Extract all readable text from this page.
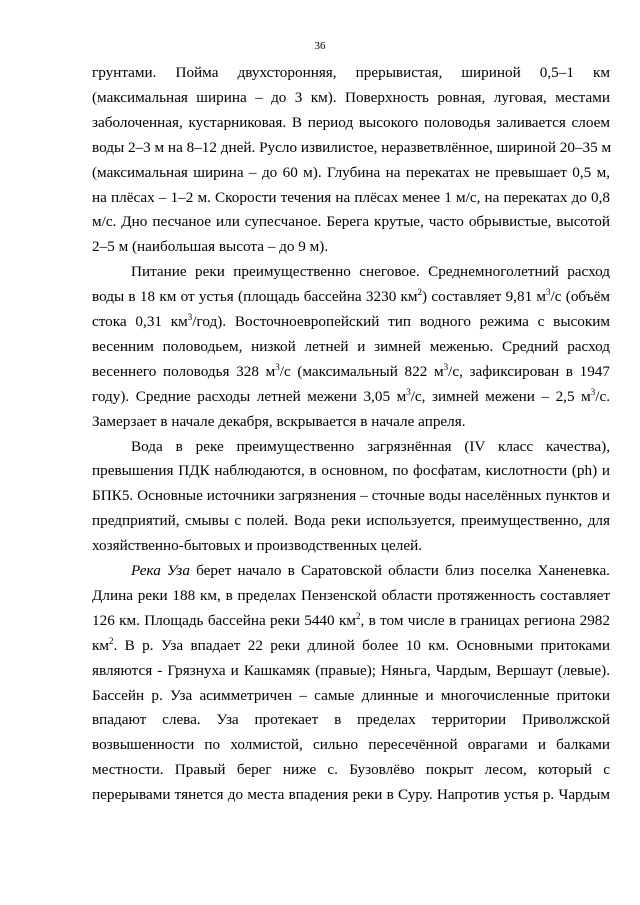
36
грунтами. Пойма двухсторонняя, прерывистая, шириной 0,5–1 км
(максимальная ширина – до 3 км). Поверхность ровная, луговая, местами
заболоченная, кустарниковая. В период высокого половодья заливается слоем
воды 2–3 м на 8–12 дней. Русло извилистое, неразветвлённое, шириной 20–35 м
(максимальная ширина – до 60 м). Глубина на перекатах не превышает 0,5 м,
на плёсах – 1–2 м. Скорости течения на плёсах менее 1 м/с, на перекатах до 0,8
м/с. Дно песчаное или супесчаное. Берега крутые, часто обрывистые, высотой
2–5 м (наибольшая высота – до 9 м).
Питание реки преимущественно снеговое. Среднемноголетний расход
воды в 18 км от устья (площадь бассейна 3230 $км^2$) составляет 9,81 $м^3/с$ (объём
стока 0,31 $км^3/год$). Восточноевропейский тип водного режима с высоким
весенним половодьем, низкой летней и зимней меженью. Средний расход
весеннего половодья 328 $м^3/с$ (максимальный 822 $м^3/с$, зафиксирован в 1947
году). Средние расходы летней межени 3,05 $м^3/с$, зимней межени – 2,5 $м^3/с$.
Замерзает в начале декабря, вскрывается в начале апреля.
Вода в реке преимущественно загрязнённая (IV класс качества),
превышения ПДК наблюдаются, в основном, по фосфатам, кислотности (ph) и
БПК5. Основные источники загрязнения – сточные воды населённых пунктов и
предприятий, смывы с полей. Вода реки используется, преимущественно, для
хозяйственно-бытовых и производственных целей.
Река Уза берет начало в Саратовской области близ поселка Ханеневка.
Длина реки 188 км, в пределах Пензенской области протяженность составляет
126 км. Площадь бассейна реки 5440 $км^2$, в том числе в границах региона 2982
$км^2$. В р. Уза впадает 22 реки длиной более 10 км. Основными притоками
являются - Грязнуха и Кашкамяк (правые); Няньга, Чардым, Вершаут (левые).
Бассейн р. Уза асимметричен – самые длинные и многочисленные притоки
впадают слева. Уза протекает в пределах территории Приволжской
возвышенности по холмистой, сильно пересечённой оврагами и балками
местности. Правый берег ниже с. Бузовлёво покрыт лесом, который с
перерывами тянется до места впадения реки в Суру. Напротив устья р. Чардым
